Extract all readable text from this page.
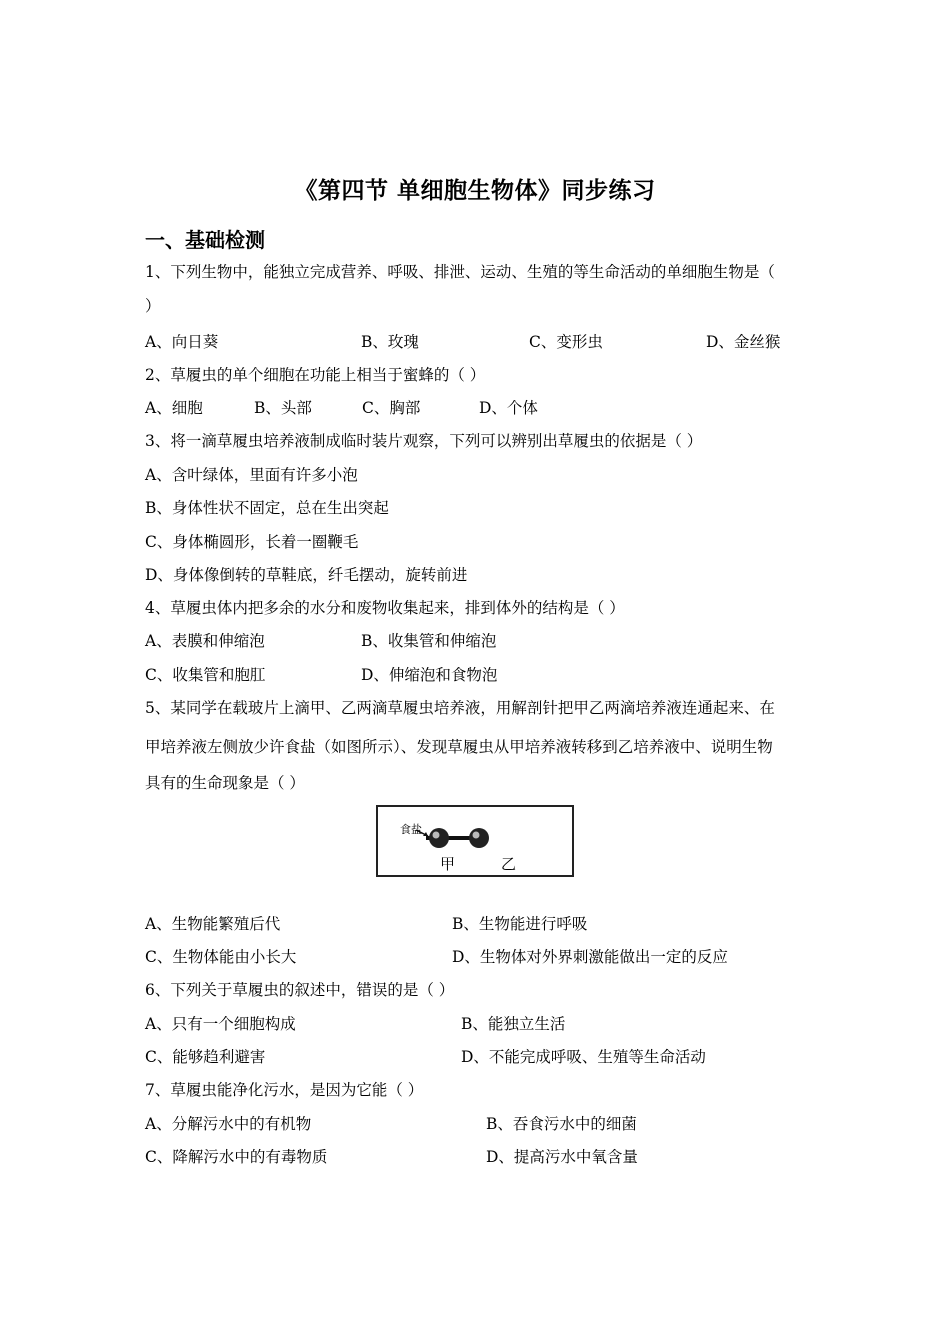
《第四节 单细胞生物体》同步练习
一、基础检测
1、下列生物中，能独立完成营养、呼吸、排泄、运动、生殖的等生命活动的单细胞生物是（
）
A、向日葵	B、玫瑰	C、变形虫	D、金丝猴
2、草履虫的单个细胞在功能上相当于蜜蜂的（ ）
A、细胞	B、头部	C、胸部	D、个体
3、将一滴草履虫培养液制成临时装片观察，下列可以辨别出草履虫的依据是（ ）
A、含叶绿体，里面有许多小泡
B、身体性状不固定，总在生出突起
C、身体椭圆形，长着一圈鞭毛
D、身体像倒转的草鞋底，纤毛摆动，旋转前进
4、草履虫体内把多余的水分和废物收集起来，排到体外的结构是（ ）
A、表膜和伸缩泡	B、收集管和伸缩泡
C、收集管和胞肛	D、伸缩泡和食物泡
5、某同学在载玻片上滴甲、乙两滴草履虫培养液，用解剖针把甲乙两滴培养液连通起来、在
甲培养液左侧放少许食盐（如图所示）、发现草履虫从甲培养液转移到乙培养液中、说明生物
具有的生命现象是（ ）
食盐
甲	乙
A、生物能繁殖后代	B、生物能进行呼吸
C、生物体能由小长大	D、生物体对外界刺激能做出一定的反应
6、下列关于草履虫的叙述中，错误的是（ ）
A、只有一个细胞构成	B、能独立生活
C、能够趋利避害	D、不能完成呼吸、生殖等生命活动
7、草履虫能净化污水，是因为它能（ ）
A、分解污水中的有机物	B、吞食污水中的细菌
C、降解污水中的有毒物质	D、提高污水中氧含量
